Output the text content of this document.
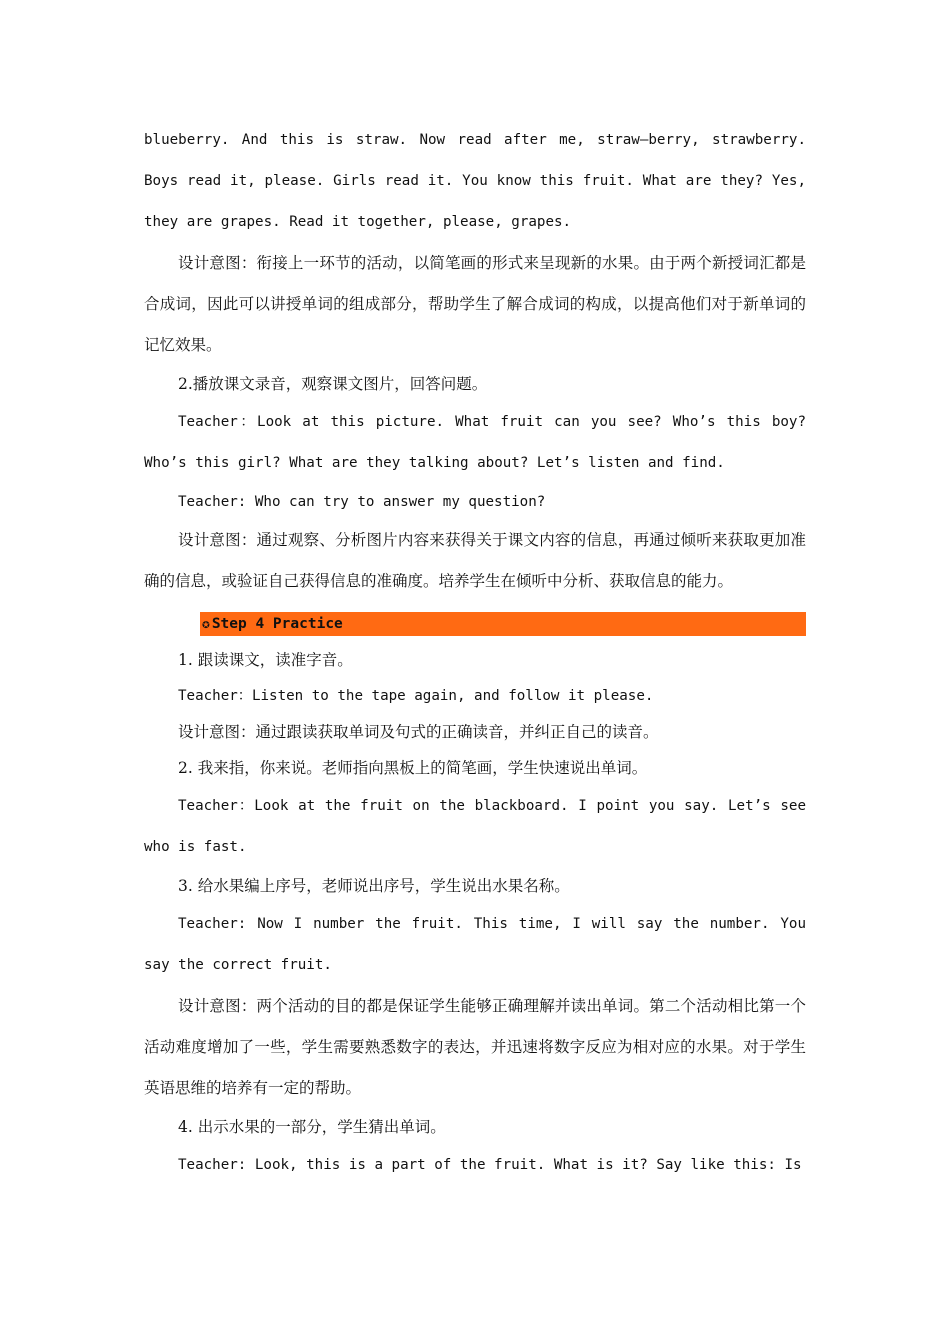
blueberry. And this is straw. Now read after me, straw—berry, strawberry. Boys read it, please. Girls read it. You know this fruit. What are they? Yes, they are grapes. Read it together, please, grapes.

设计意图：衔接上一环节的活动，以简笔画的形式来呈现新的水果。由于两个新授词汇都是合成词，因此可以讲授单词的组成部分，帮助学生了解合成词的构成，以提高他们对于新单词的记忆效果。

2.播放课文录音，观察课文图片，回答问题。

Teacher：Look at this picture. What fruit can you see? Who’s this boy? Who’s this girl? What are they talking about? Let’s listen and find.

Teacher: Who can try to answer my question?

设计意图：通过观察、分析图片内容来获得关于课文内容的信息，再通过倾听来获取更加准确的信息，或验证自己获得信息的准确度。培养学生在倾听中分析、获取信息的能力。

✪ Step 4 Practice

1. 跟读课文，读准字音。

Teacher：Listen to the tape again, and follow it please.

设计意图：通过跟读获取单词及句式的正确读音，并纠正自己的读音。

2. 我来指，你来说。老师指向黑板上的简笔画，学生快速说出单词。

Teacher：Look at the fruit on the blackboard. I point you say. Let’s see who is fast.

3. 给水果编上序号，老师说出序号，学生说出水果名称。

Teacher: Now I number the fruit. This time, I will say the number. You say the correct fruit.

设计意图：两个活动的目的都是保证学生能够正确理解并读出单词。第二个活动相比第一个活动难度增加了一些，学生需要熟悉数字的表达，并迅速将数字反应为相对应的水果。对于学生英语思维的培养有一定的帮助。

4. 出示水果的一部分，学生猜出单词。

Teacher: Look, this is a part of the fruit. What is it? Say like this: Is
